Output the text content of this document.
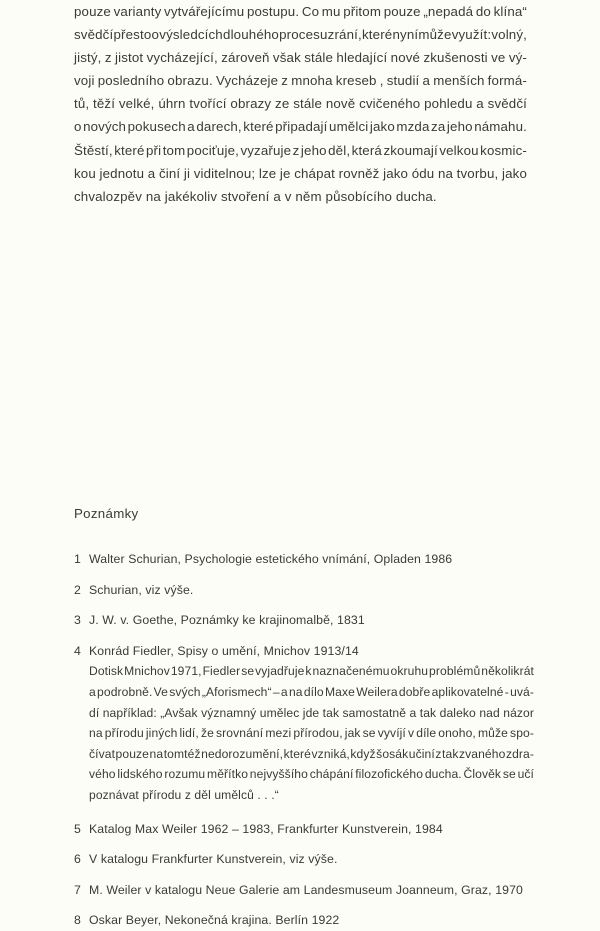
pouze varianty vytvářejícímu postupu. Co mu přitom pouze „nepadá do klína“
svědčí přesto o výsledcích dlouhého procesu zrání, které nyní může využít: volný,
jistý, z jistot vycházející, zároveň však stále hledající nové zkušenosti ve vý-
voji posledního obrazu. Vycházeje z mnoha kreseb , studií a menších formá-
tů, těží velké, úhrn tvořící obrazy ze stále nově cvičeného pohledu a svědčí
o nových pokusech a darech, které připadají umělci jako mzda za jeho námahu.
Štěstí, které při tom pociťuje, vyzařuje z jeho děl, která zkoumají velkou kosmic-
kou jednotu a činí ji viditelnou; lze je chápat rovněž jako ódu na tvorbu, jako
chvalozpěv na jakékoliv stvoření a v něm působícího ducha.
Poznámky
1 Walter Schurian, Psychologie estetického vnímání, Opladen 1986
2 Schurian, viz výše.
3 J. W. v. Goethe, Poznámky ke krajinomalbě, 1831
4 Konrád Fiedler, Spisy o umění, Mnichov 1913/14
Dotisk Mnichov 1971, Fiedler se vyjadřuje k naznačenému okruhu problémů několikrát
a podrobně. Ve svých „Aforismech“ – a na dílo Maxe Weilera dobře aplikovatelné - uvá-
dí například: „Avšak významný umělec jde tak samostatně a tak daleko nad názor
na přírodu jiných lidí, že srovnání mezi přírodou, jak se vyvíjí v díle onoho, může spo-
čívat pouze na tomtéž nedorozumění, které vzniká, když šosák učiní z tak zvaného zdra-
vého lidského rozumu měřítko nejvyššího chápání filozofického ducha. Člověk se učí
poznávat přírodu z děl umělců . . .“
5 Katalog Max Weiler 1962 – 1983, Frankfurter Kunstverein, 1984
6 V katalogu Frankfurter Kunstverein, viz výše.
7 M. Weiler v katalogu Neue Galerie am Landesmuseum Joanneum, Graz, 1970
8 Oskar Beyer, Nekonečná krajina. Berlín 1922
